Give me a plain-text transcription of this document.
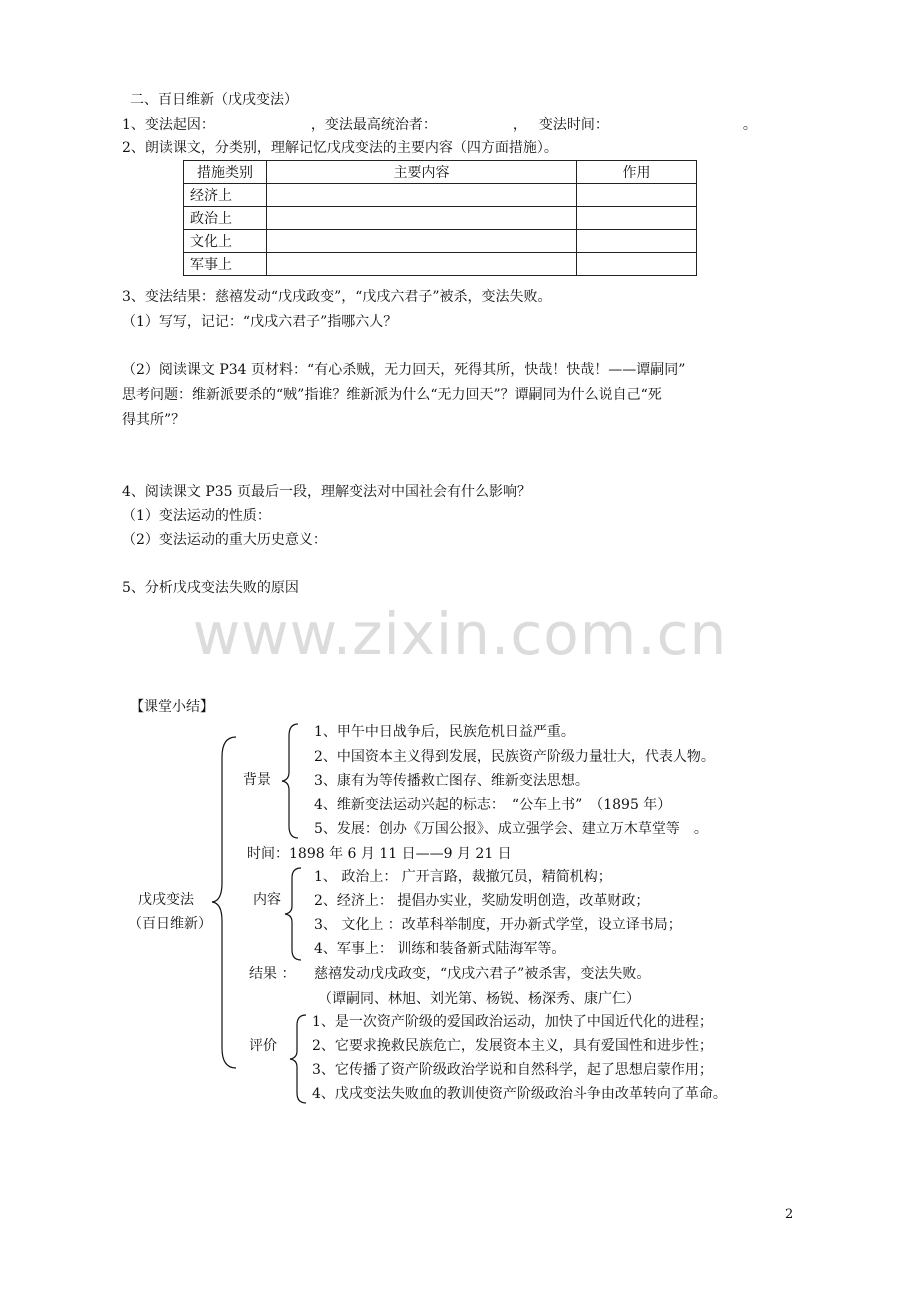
二、百日维新（戊戌变法）
1、变法起因：	，变法最高统治者：	， 变法时间：	。
2、朗读课文，分类别，理解记忆戊戌变法的主要内容（四方面措施）。
措施类别	主要内容	作用
经济上		
政治上		
文化上		
军事上		
3、变法结果：慈禧发动“戊戌政变”，“戊戌六君子”被杀，变法失败。
（1）写写，记记：“戊戌六君子”指哪六人？
（2）阅读课文 P34 页材料：“有心杀贼，无力回天，死得其所，快哉！快哉！——谭嗣同”
思考问题：维新派要杀的“贼”指谁？维新派为什么“无力回天”？谭嗣同为什么说自己“死
得其所”？
4、阅读课文 P35 页最后一段，理解变法对中国社会有什么影响？
（1）变法运动的性质：
（2）变法运动的重大历史意义：
5、分析戊戌变法失败的原因
www.zixin.com.cn
【课堂小结】
戊戌变法
（百日维新）
背景
1、甲午中日战争后，民族危机日益严重。
2、中国资本主义得到发展，民族资产阶级力量壮大，代表人物。
3、康有为等传播救亡图存、维新变法思想。
4、维新变法运动兴起的标志：　“公车上书”　（1895 年）
5、发展：创办《万国公报》、成立强学会、建立万木草堂等　。
时间：1898 年 6 月 11 日——9 月 21 日
内容
1、 政治上： 广开言路，裁撤冗员，精简机构；
2、经济上： 提倡办实业，奖励发明创造，改革财政；
3、 文化上 ：改革科举制度，开办新式学堂，设立译书局；
4、军事上： 训练和装备新式陆海军等。
结果 ： 慈禧发动戊戌政变，“戊戌六君子”被杀害，变法失败。
（谭嗣同、林旭、刘光第、杨锐、杨深秀、康广仁）
评价
1、是一次资产阶级的爱国政治运动，加快了中国近代化的进程；
2、它要求挽救民族危亡，发展资本主义，具有爱国性和进步性；
3、它传播了资产阶级政治学说和自然科学，起了思想启蒙作用；
4、戊戌变法失败血的教训使资产阶级政治斗争由改革转向了革命。
2
